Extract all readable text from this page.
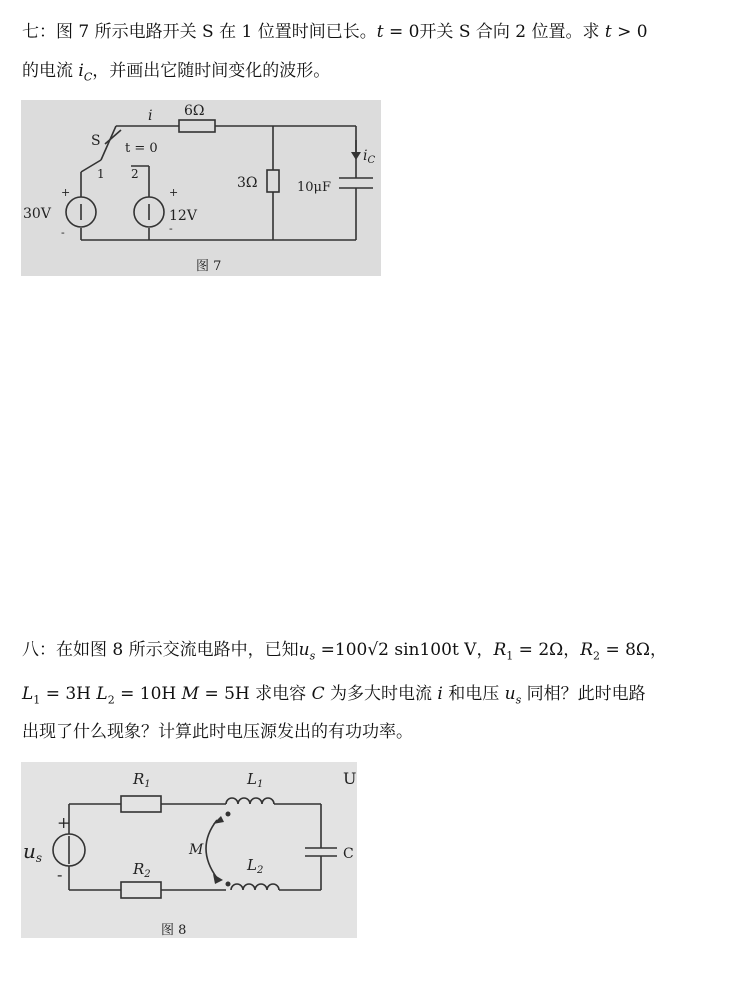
七：图 7 所示电路开关 S 在 1 位置时间已长。t = 0开关 S 合向 2 位置。求 t > 0
的电流 $i_C$，并画出它随时间变化的波形。
i 6Ω
S t = 0
1 2
3Ω	10μF
$i_C$
30V	12V
+
-
+
-
图 7
八：在如图 8 所示交流电路中，已知$u_s =100√2$ sin100t V，$R_1 = 2\Omega$，$R_2 = 8\Omega$，
$L_1 = 3H$ $L_2 = 10H$ M = 5H 求电容 C 为多大时电流 i 和电压 $u_s$ 同相？此时电路
出现了什么现象？计算此时电压源发出的有功功率。
$R_1$
$R_2$
$L_1$
$L_2$
M	C
$u_s$
U
+
-
图 8
